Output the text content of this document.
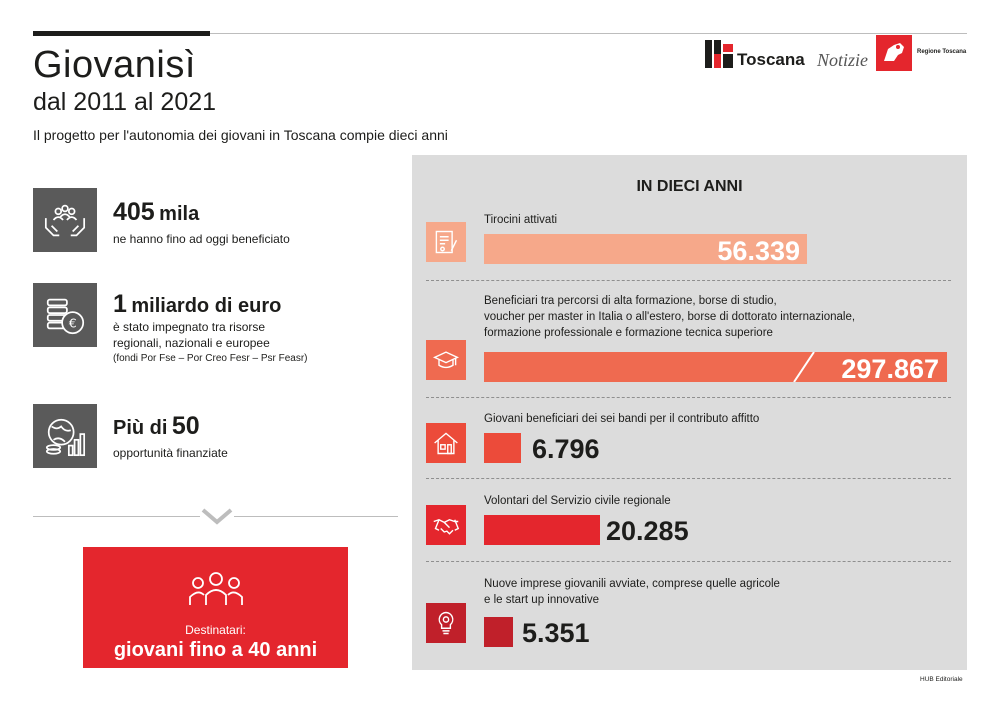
Giovanisì
dal 2011 al 2021

Il progetto per l'autonomia dei giovani in Toscana compie dieci anni

Toscana Notizie	Regione Toscana
405 mila
ne hanno fino ad oggi beneficiato
€
1 miliardo di euro
è stato impegnato tra risorse
regionali, nazionali e europee
(fondi Por Fse – Por Creo Fesr – Psr Feasr)
Più di 50
opportunità finanziate
Destinatari:
giovani fino a 40 anni
IN DIECI ANNI
Tirocini attivati
56.339
Beneficiari tra percorsi di alta formazione, borse di studio,
voucher per master in Italia o all'estero, borse di dottorato internazionale,
formazione professionale e formazione tecnica superiore
297.867
Giovani beneficiari dei sei bandi per il contributo affitto
6.796
Volontari del Servizio civile regionale
20.285
Nuove imprese giovanili avviate, comprese quelle agricole
e le start up innovative
5.351
HUB Editoriale
